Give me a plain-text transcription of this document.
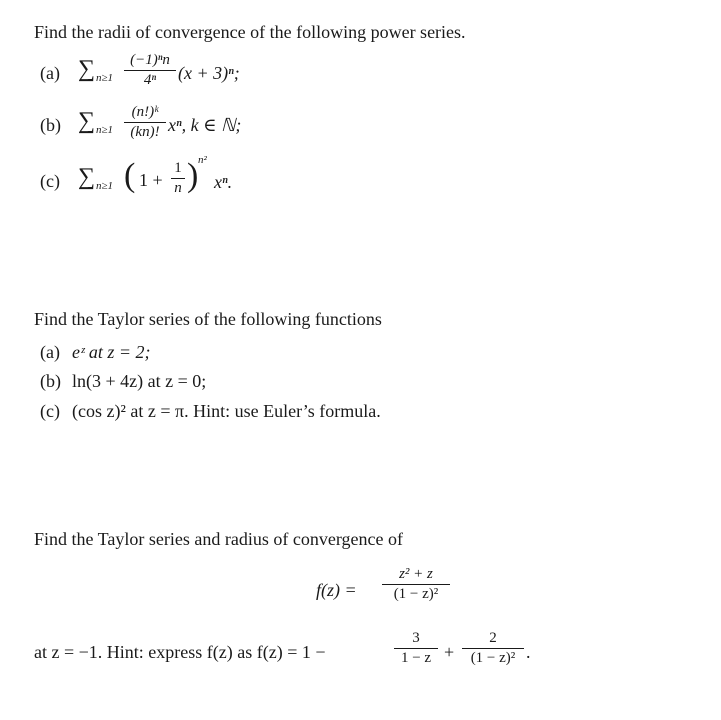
Find the radii of convergence of the following power series.
(a) ∑ n≥1
(−1)ⁿn
4ⁿ (x + 3)ⁿ;
(b) ∑ n≥1
(n!)ᵏ
(kn)! xⁿ, k ∈ ℕ;
(c) ∑ n≥1 ( 1 +
1
n ) n²
xⁿ.
Find the Taylor series of the following functions
(a) eᶻ at z = 2;
(b) ln(3 + 4z) at z = 0;
(c) (cos z)² at z = π. Hint: use Euler’s formula.
Find the Taylor series and radius of convergence of
f(z) =
z² + z
(1 − z)²
at z = −1. Hint: express f(z) as f(z) = 1 −
3
1 − z +
2
(1 − z)² .
